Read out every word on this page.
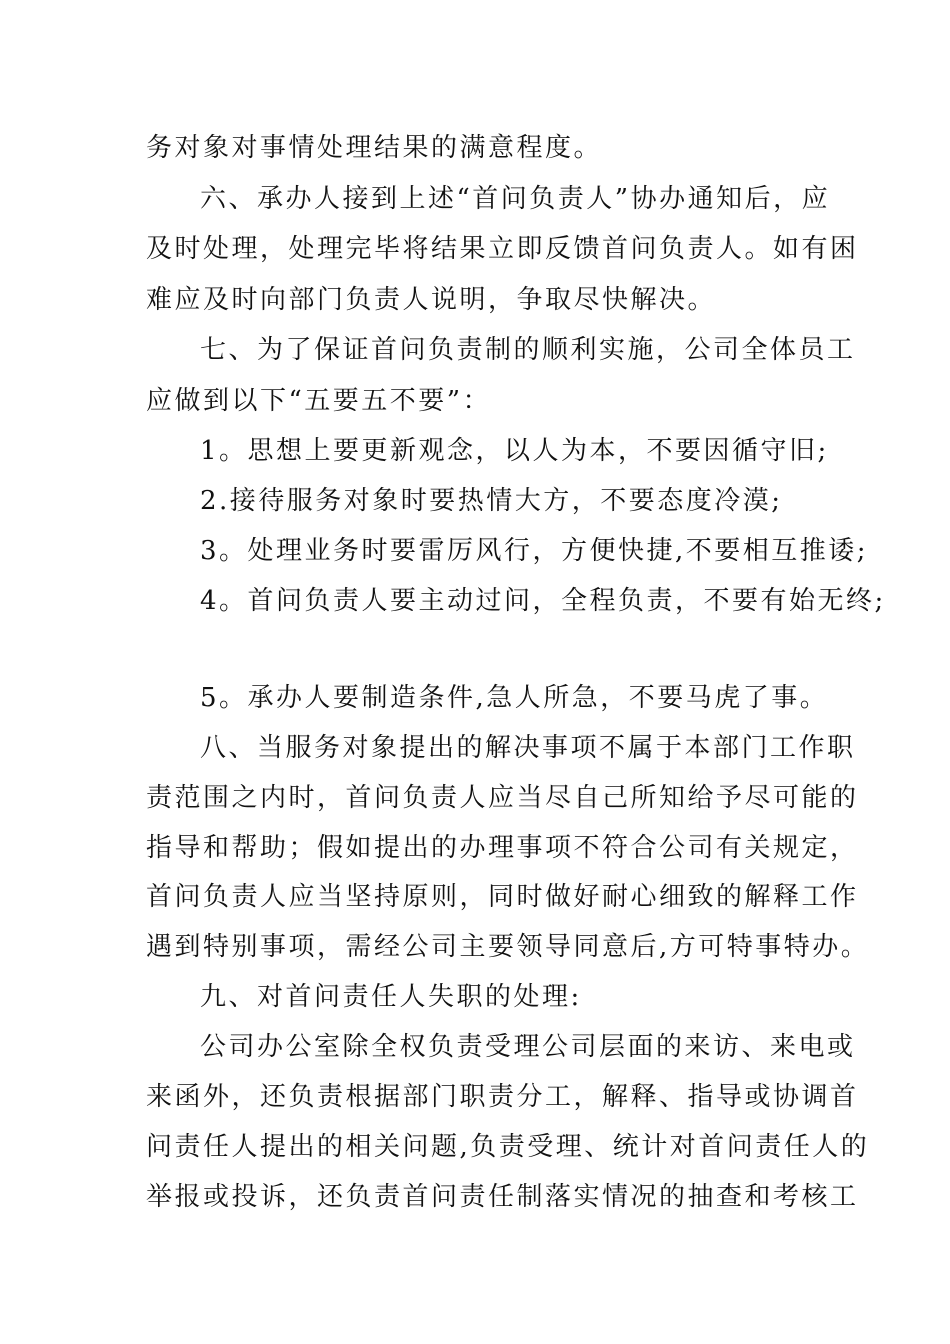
务对象对事情处理结果的满意程度。
六、承办人接到上述“首问负责人”协办通知后，应
及时处理，处理完毕将结果立即反馈首问负责人。如有困
难应及时向部门负责人说明，争取尽快解决。
七、为了保证首问负责制的顺利实施，公司全体员工
应做到以下“五要五不要”：
1。思想上要更新观念，以人为本，不要因循守旧;
2.接待服务对象时要热情大方，不要态度冷漠;
3。处理业务时要雷厉风行，方便快捷,不要相互推诿;
4。首问负责人要主动过问，全程负责，不要有始无终;
5。承办人要制造条件,急人所急，不要马虎了事。
八、当服务对象提出的解决事项不属于本部门工作职
责范围之内时，首问负责人应当尽自己所知给予尽可能的
指导和帮助；假如提出的办理事项不符合公司有关规定，
首问负责人应当坚持原则，同时做好耐心细致的解释工作
遇到特别事项，需经公司主要领导同意后,方可特事特办。
九、对首问责任人失职的处理:
公司办公室除全权负责受理公司层面的来访、来电或
来函外，还负责根据部门职责分工，解释、指导或协调首
问责任人提出的相关问题,负责受理、统计对首问责任人的
举报或投诉，还负责首问责任制落实情况的抽查和考核工
